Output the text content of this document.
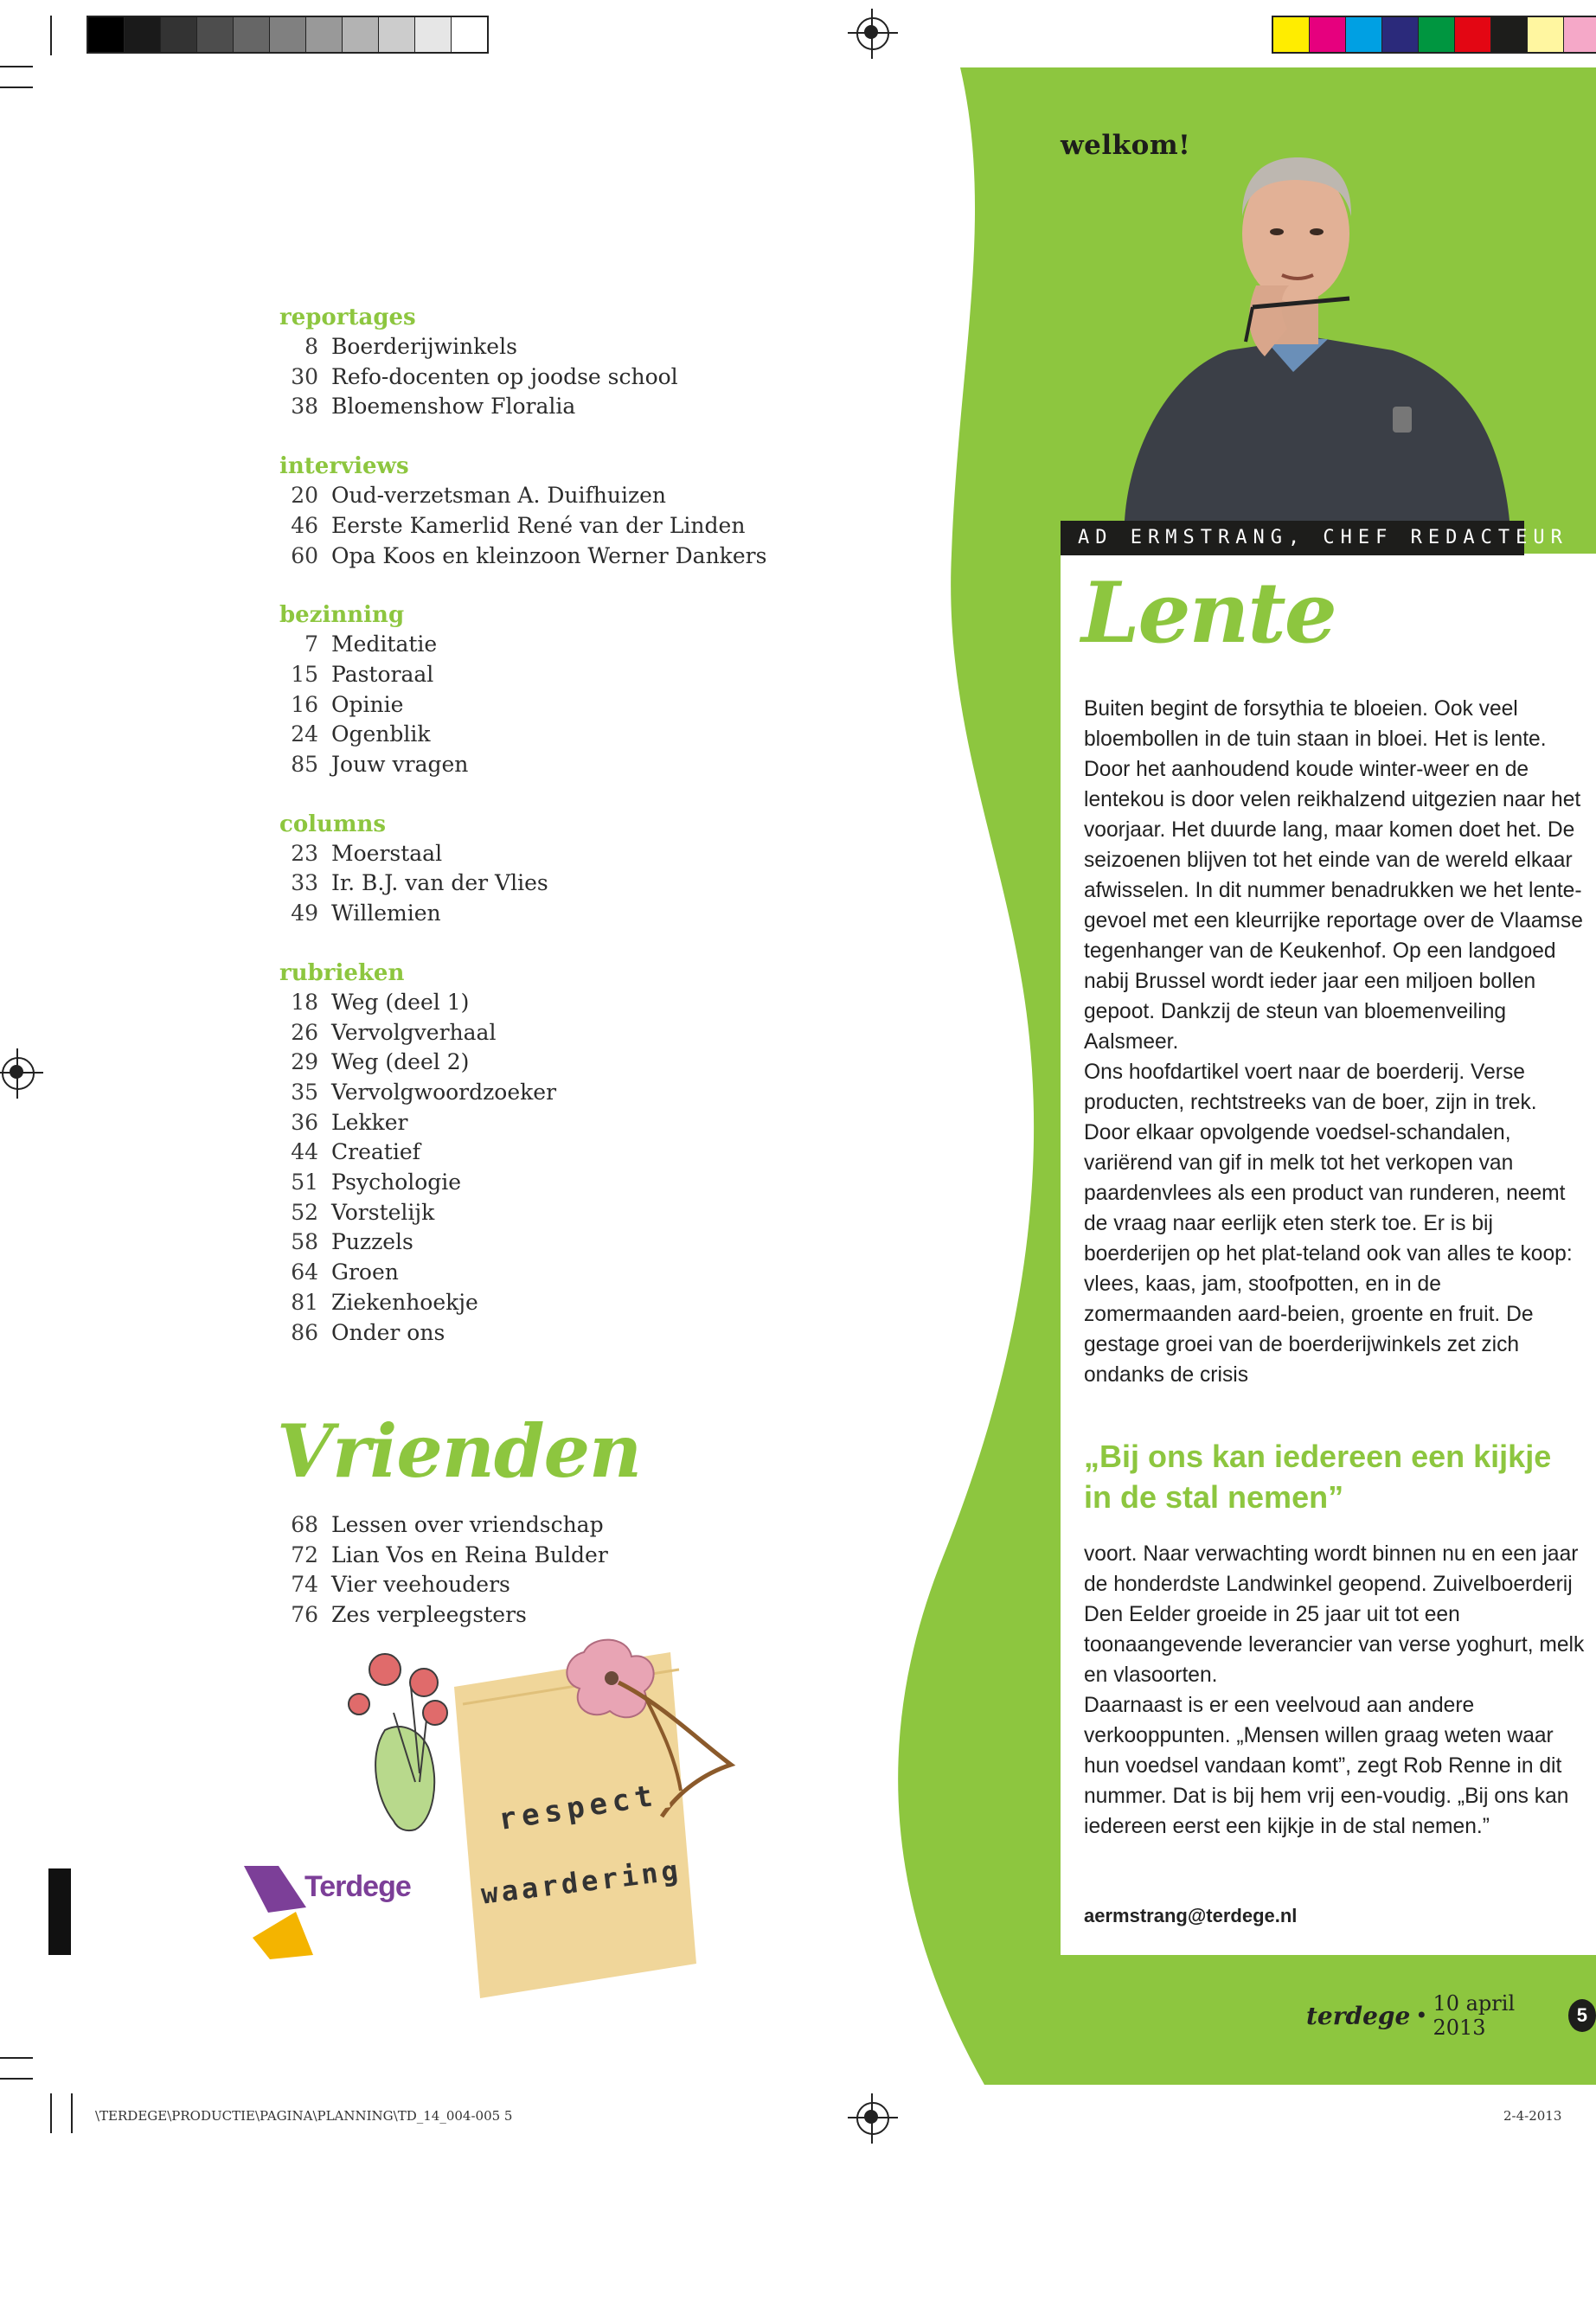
welkom!
reportages
8 Boerderijwinkels
30 Refo-docenten op joodse school
38 Bloemenshow Floralia
interviews
20 Oud-verzetsman A. Duifhuizen
46 Eerste Kamerlid René van der Linden
60 Opa Koos en kleinzoon Werner Dankers
bezinning
7 Meditatie
15 Pastoraal
16 Opinie
24 Ogenblik
85 Jouw vragen
columns
23 Moerstaal
33 Ir. B.J. van der Vlies
49 Willemien
rubrieken
18 Weg (deel 1)
26 Vervolgverhaal
29 Weg (deel 2)
35 Vervolgwoordzoeker
36 Lekker
44 Creatief
51 Psychologie
52 Vorstelijk
58 Puzzels
64 Groen
81 Ziekenhoekje
86 Onder ons
Vrienden
68 Lessen over vriendschap
72 Lian Vos en Reina Bulder
74 Vier veehouders
76 Zes verpleegsters
respect
waardering
Terdege
AD ERMSTRANG, CHEF REDACTEUR
Lente

Buiten begint de forsythia te bloeien. Ook veel bloembollen in de tuin staan in bloei. Het is lente. Door het aanhoudend koude winter-weer en de lentekou is door velen reikhalzend uitgezien naar het voorjaar. Het duurde lang, maar komen doet het. De seizoenen blijven tot het einde van de wereld elkaar afwisselen. In dit nummer benadrukken we het lente-gevoel met een kleurrijke reportage over de Vlaamse tegenhanger van de Keukenhof. Op een landgoed nabij Brussel wordt ieder jaar een miljoen bollen gepoot. Dankzij de steun van bloemenveiling Aalsmeer.

Ons hoofdartikel voert naar de boerderij. Verse producten, rechtstreeks van de boer, zijn in trek. Door elkaar opvolgende voedsel-schandalen, variërend van gif in melk tot het verkopen van paardenvlees als een product van runderen, neemt de vraag naar eerlijk eten sterk toe. Er is bij boerderijen op het plat-teland ook van alles te koop: vlees, kaas, jam, stoofpotten, en in de zomermaanden aard-beien, groente en fruit. De gestage groei van de boerderijwinkels zet zich ondanks de crisis

„Bij ons kan iedereen een kijkje in de stal nemen”

voort. Naar verwachting wordt binnen nu en een jaar de honderdste Landwinkel geopend. Zuivelboerderij Den Eelder groeide in 25 jaar uit tot een toonaangevende leverancier van verse yoghurt, melk en vlasoorten.

Daarnaast is er een veelvoud aan andere verkooppunten. „Mensen willen graag weten waar hun voedsel vandaan komt”, zegt Rob Renne in dit nummer. Dat is bij hem vrij een-voudig. „Bij ons kan iedereen eerst een kijkje in de stal nemen.”

aermstrang@terdege.nl
terdege • 10 april 2013
5
\TERDEGE\PRODUCTIE\PAGINA\PLANNING\TD_14_004-005 5	2-4-2013
